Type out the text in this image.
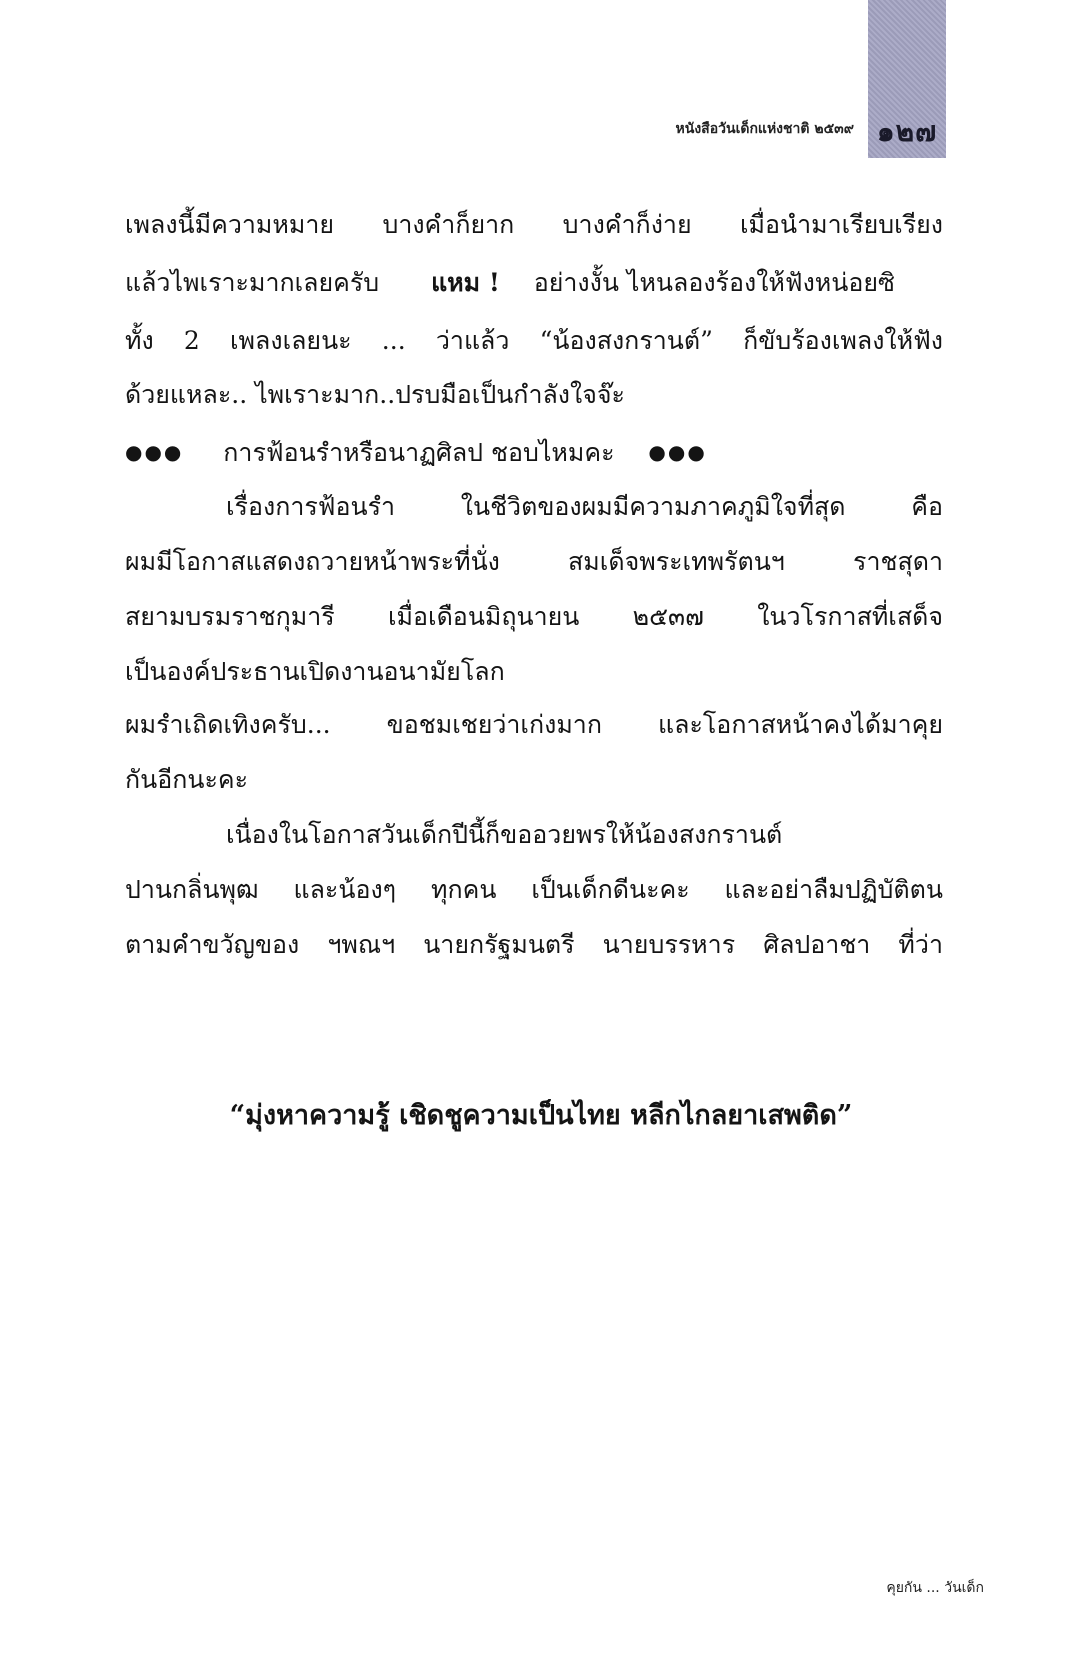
หนังสือวันเด็กแห่งชาติ ๒๕๓๙ ๑๒๗
เพลงนี้มีความหมาย บางคำก็ยาก บางคำก็ง่าย เมื่อนำมาเรียบเรียง
แล้วไพเราะมากเลยครับ แหม ! อย่างงั้น ไหนลองร้องให้ฟังหน่อยซิ
ทั้ง 2 เพลงเลยนะ ... ว่าแล้ว “น้องสงกรานต์” ก็ขับร้องเพลงให้ฟัง
ด้วยแหละ.. ไพเราะมาก..ปรบมือเป็นกำลังใจจ๊ะ
●●● การฟ้อนรำหรือนาฏศิลป ชอบไหมคะ ●●●
เรื่องการฟ้อนรำ ในชีวิตของผมมีความภาคภูมิใจที่สุด คือ
ผมมีโอกาสแสดงถวายหน้าพระที่นั่ง สมเด็จพระเทพรัตนฯ ราชสุดา
สยามบรมราชกุมารี เมื่อเดือนมิถุนายน ๒๕๓๗ ในวโรกาสที่เสด็จ
เป็นองค์ประธานเปิดงานอนามัยโลก
ผมรำเถิดเทิงครับ... ขอชมเชยว่าเก่งมาก และโอกาสหน้าคงได้มาคุย
กันอีกนะคะ
เนื่องในโอกาสวันเด็กปีนี้ก็ขออวยพรให้น้องสงกรานต์
ปานกลิ่นพุฒ และน้องๆ ทุกคน เป็นเด็กดีนะคะ และอย่าลืมปฏิบัติตน
ตามคำขวัญของ ฯพณฯ นายกรัฐมนตรี นายบรรหาร ศิลปอาชา ที่ว่า
“มุ่งหาความรู้ เชิดชูความเป็นไทย หลีกไกลยาเสพติด”
คุยกัน ... วันเด็ก
